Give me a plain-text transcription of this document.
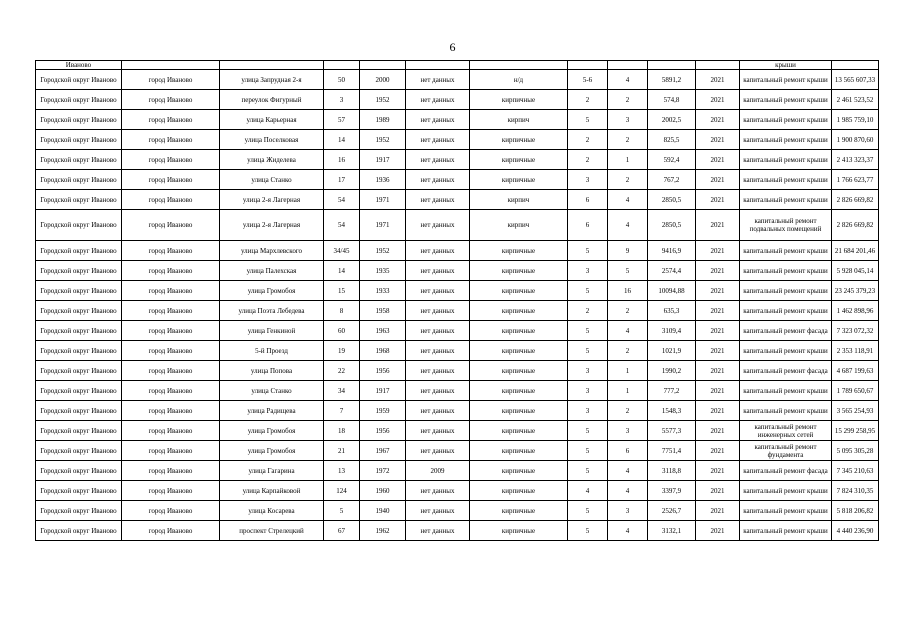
6
Иваново											крыши	
Городской округ Иваново	город Иваново	улица Запрудная 2-я	50	2000	нет данных	н/д	5-6	4	5891,2	2021	капитальный ремонт крыши	13 565 607,33
Городской округ Иваново	город Иваново	переулок Фигурный	3	1952	нет данных	кирпичные	2	2	574,8	2021	капитальный ремонт крыши	2 461 523,52
Городской округ Иваново	город Иваново	улица Карьерная	57	1989	нет данных	кирпич	5	3	2002,5	2021	капитальный ремонт крыши	1 985 759,10
Городской округ Иваново	город Иваново	улица Поселковая	14	1952	нет данных	кирпичные	2	2	825,5	2021	капитальный ремонт крыши	1 900 870,60
Городской округ Иваново	город Иваново	улица Жиделева	16	1917	нет данных	кирпичные	2	1	592,4	2021	капитальный ремонт крыши	2 413 323,37
Городской округ Иваново	город Иваново	улица Станко	17	1936	нет данных	кирпичные	3	2	767,2	2021	капитальный ремонт крыши	1 766 623,77
Городской округ Иваново	город Иваново	улица 2-я Лагерная	54	1971	нет данных	кирпич	6	4	2850,5	2021	капитальный ремонт крыши	2 826 669,82
Городской округ Иваново	город Иваново	улица 2-я Лагерная	54	1971	нет данных	кирпич	6	4	2850,5	2021	капитальный ремонт подвальных помещений	2 826 669,82
Городской округ Иваново	город Иваново	улица Мархлевского	34/45	1952	нет данных	кирпичные	5	9	9416,9	2021	капитальный ремонт крыши	21 684 201,46
Городской округ Иваново	город Иваново	улица Палехская	14	1935	нет данных	кирпичные	3	5	2574,4	2021	капитальный ремонт крыши	5 928 045,14
Городской округ Иваново	город Иваново	улица Громобоя	15	1933	нет данных	кирпичные	5	16	10094,88	2021	капитальный ремонт крыши	23 245 379,23
Городской округ Иваново	город Иваново	улица Поэта Лебедева	8	1958	нет данных	кирпичные	2	2	635,3	2021	капитальный ремонт крыши	1 462 898,96
Городской округ Иваново	город Иваново	улица Генкиной	60	1963	нет данных	кирпичные	5	4	3109,4	2021	капитальный ремонт фасада	7 323 072,32
Городской округ Иваново	город Иваново	5-й Проезд	19	1968	нет данных	кирпичные	5	2	1021,9	2021	капитальный ремонт крыши	2 353 118,91
Городской округ Иваново	город Иваново	улица Попова	22	1956	нет данных	кирпичные	3	1	1990,2	2021	капитальный ремонт фасада	4 687 199,63
Городской округ Иваново	город Иваново	улица Станко	34	1917	нет данных	кирпичные	3	1	777,2	2021	капитальный ремонт крыши	1 789 650,67
Городской округ Иваново	город Иваново	улица Радищева	7	1959	нет данных	кирпичные	3	2	1548,3	2021	капитальный ремонт крыши	3 565 254,93
Городской округ Иваново	город Иваново	улица Громобоя	18	1956	нет данных	кирпичные	5	3	5577,3	2021	капитальный ремонт инженерных сетей	15 299 258,95
Городской округ Иваново	город Иваново	улица Громобоя	21	1967	нет данных	кирпичные	5	6	7751,4	2021	капитальный ремонт фундамента	5 095 305,28
Городской округ Иваново	город Иваново	улица Гагарина	13	1972	2009	кирпичные	5	4	3118,8	2021	капитальный ремонт фасада	7 345 210,63
Городской округ Иваново	город Иваново	улица Карпайковой	124	1960	нет данных	кирпичные	4	4	3397,9	2021	капитальный ремонт крыши	7 824 310,35
Городской округ Иваново	город Иваново	улица Косарева	5	1940	нет данных	кирпичные	5	3	2526,7	2021	капитальный ремонт крыши	5 818 206,82
Городской округ Иваново	город Иваново	проспект Стрелецкий	67	1962	нет данных	кирпичные	5	4	3132,1	2021	капитальный ремонт крыши	4 440 236,90
